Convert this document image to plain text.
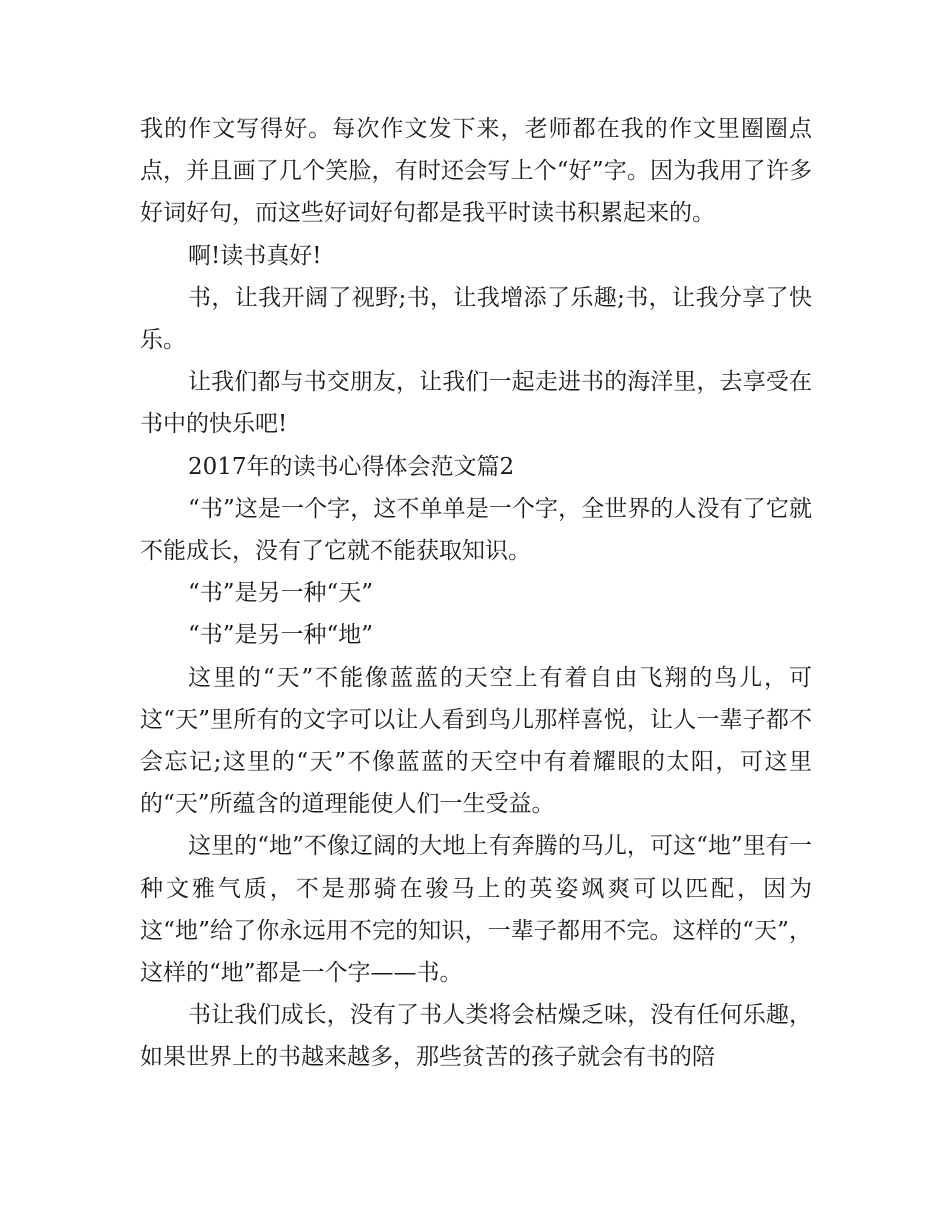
我的作文写得好。每次作文发下来，老师都在我的作文里圈圈点点，并且画了几个笑脸，有时还会写上个“好”字。因为我用了许多好词好句，而这些好词好句都是我平时读书积累起来的。

啊!读书真好!

书，让我开阔了视野;书，让我增添了乐趣;书，让我分享了快乐。

让我们都与书交朋友，让我们一起走进书的海洋里，去享受在书中的快乐吧!

2017年的读书心得体会范文篇2

“书”这是一个字，这不单单是一个字，全世界的人没有了它就不能成长，没有了它就不能获取知识。

“书”是另一种“天”

“书”是另一种“地”

这里的“天”不能像蓝蓝的天空上有着自由飞翔的鸟儿，可这“天”里所有的文字可以让人看到鸟儿那样喜悦，让人一辈子都不会忘记;这里的“天”不像蓝蓝的天空中有着耀眼的太阳，可这里的“天”所蕴含的道理能使人们一生受益。

这里的“地”不像辽阔的大地上有奔腾的马儿，可这“地”里有一种文雅气质，不是那骑在骏马上的英姿飒爽可以匹配，因为这“地”给了你永远用不完的知识，一辈子都用不完。这样的“天”，这样的“地”都是一个字——书。

书让我们成长，没有了书人类将会枯燥乏味，没有任何乐趣，如果世界上的书越来越多，那些贫苦的孩子就会有书的陪
